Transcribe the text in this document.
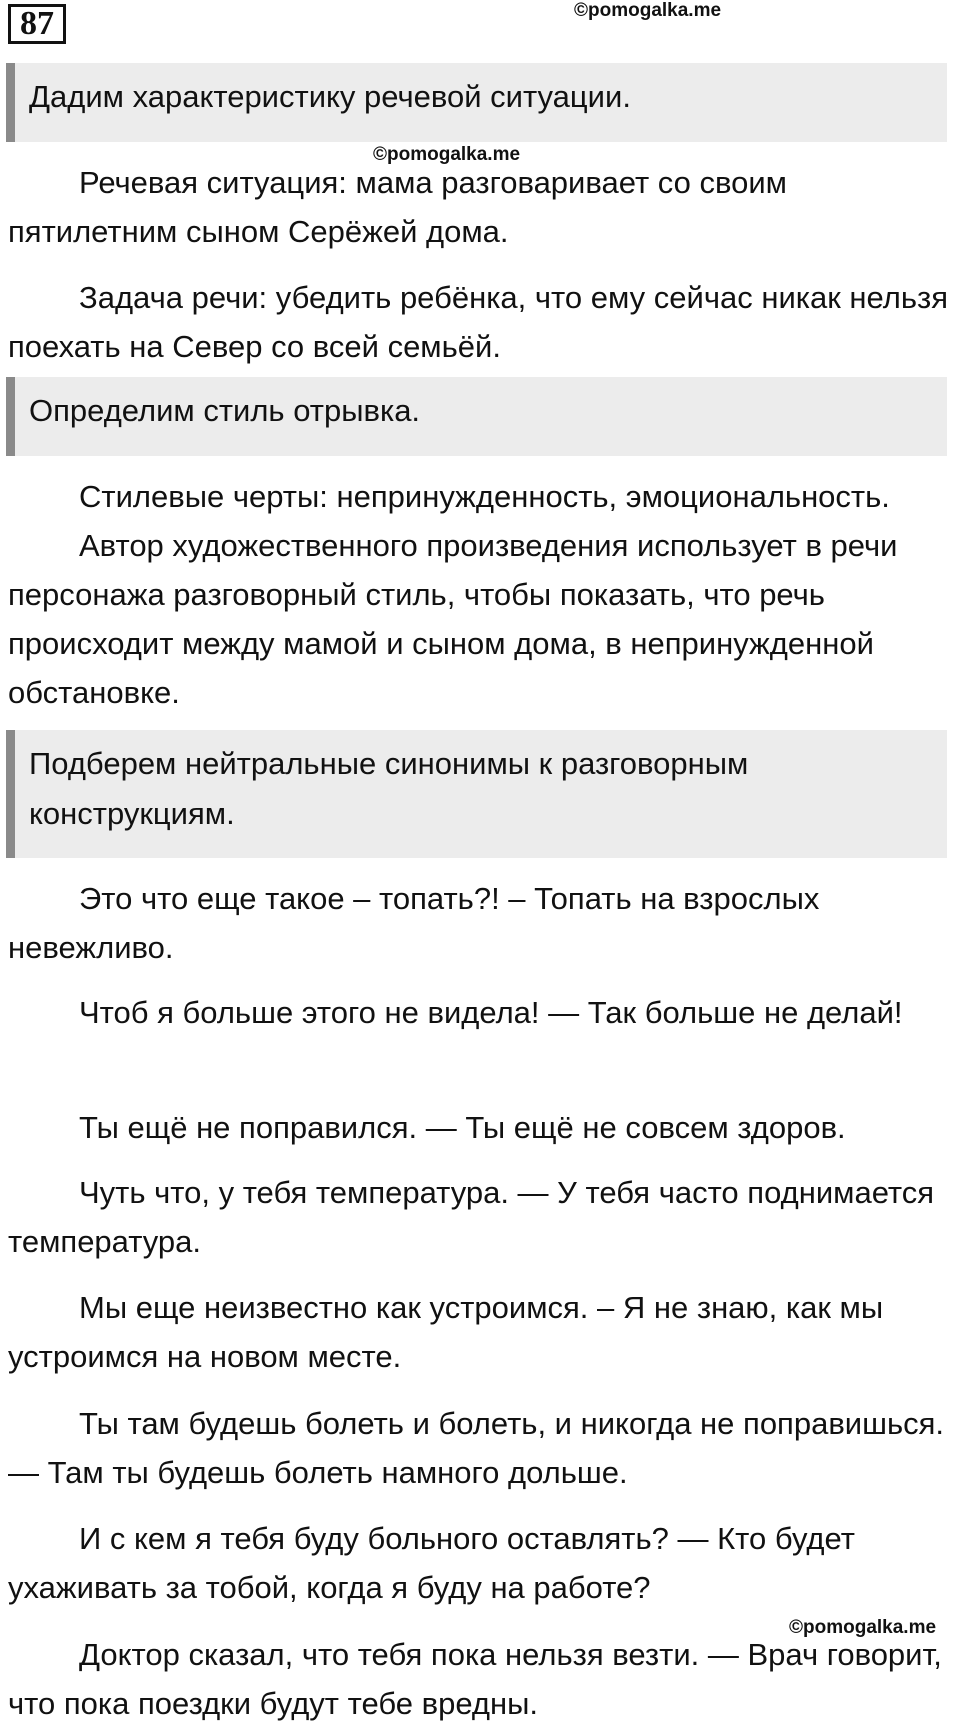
87	©pomogalka.me
Дадим характеристику речевой ситуации.
©pomogalka.me

Речевая ситуация: мама разговаривает со своим пятилетним сыном Серёжей дома.

Задача речи: убедить ребёнка, что ему сейчас никак нельзя поехать на Север со всей семьёй.

Определим стиль отрывка.

Стилевые черты: непринужденность, эмоциональность.

Автор художественного произведения использует в речи персонажа разговорный стиль, чтобы показать, что речь происходит между мамой и сыном дома, в непринужденной обстановке.

Подберем нейтральные синонимы к разговорным конструкциям.

Это что еще такое – топать?! – Топать на взрослых невежливо.

Чтоб я больше этого не видела! — Так больше не делай!

Ты ещё не поправился. — Ты ещё не совсем здоров.

Чуть что, у тебя температура. — У тебя часто поднимается температура.

Мы еще неизвестно как устроимся. – Я не знаю, как мы устроимся на новом месте.

Ты там будешь болеть и болеть, и никогда не поправишься. — Там ты будешь болеть намного дольше.

И с кем я тебя буду больного оставлять? — Кто будет ухаживать за тобой, когда я буду на работе?

©pomogalka.me

Доктор сказал, что тебя пока нельзя везти. — Врач говорит, что пока поездки будут тебе вредны.
